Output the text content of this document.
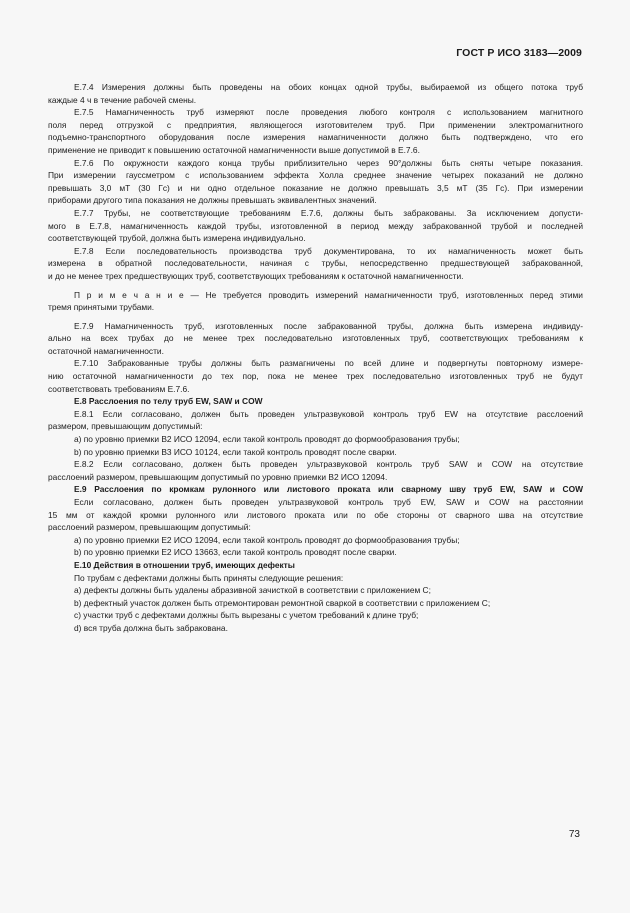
ГОСТ Р ИСО 3183—2009
Е.7.4 Измерения должны быть проведены на обоих концах одной трубы, выбираемой из общего потока труб
каждые 4 ч в течение рабочей смены.
Е.7.5 Намагниченность труб измеряют после проведения любого контроля с использованием магнитного
поля перед отгрузкой с предприятия, являющегося изготовителем труб. При применении электромагнитного
подъемно-транспортного оборудования после измерения намагниченности должно быть подтверждено, что его
применение не приводит к повышению остаточной намагниченности выше допустимой в Е.7.6.
Е.7.6 По окружности каждого конца трубы приблизительно через 90°должны быть сняты четыре показания.
При измерении гауссметром с использованием эффекта Холла среднее значение четырех показаний не должно
превышать 3,0 мТ (30 Гс) и ни одно отдельное показание не должно превышать 3,5 мТ (35 Гс). При измерении
приборами другого типа показания не должны превышать эквивалентных значений.
Е.7.7 Трубы, не соответствующие требованиям Е.7.6, должны быть забракованы. За исключением допусти-
мого в Е.7.8, намагниченность каждой трубы, изготовленной в период между забракованной трубой и последней
соответствующей трубой, должна быть измерена индивидуально.
Е.7.8 Если последовательность производства труб документирована, то их намагниченность может быть
измерена в обратной последовательности, начиная с трубы, непосредственно предшествующей забракованной,
и до не менее трех предшествующих труб, соответствующих требованиям к остаточной намагниченности.
П р и м е ч а н и е — Не требуется проводить измерений намагниченности труб, изготовленных перед этими
тремя принятыми трубами.
Е.7.9 Намагниченность труб, изготовленных после забракованной трубы, должна быть измерена индивиду-
ально на всех трубах до не менее трех последовательно изготовленных труб, соответствующих требованиям к
остаточной намагниченности.
Е.7.10 Забракованные трубы должны быть размагничены по всей длине и подвергнуты повторному измере-
нию остаточной намагниченности до тех пор, пока не менее трех последовательно изготовленных труб не будут
соответствовать требованиям Е.7.6.
Е.8 Расслоения по телу труб EW, SAW и COW
Е.8.1 Если согласовано, должен быть проведен ультразвуковой контроль труб EW на отсутствие расслоений
размером, превышающим допустимый:
a) по уровню приемки В2 ИСО 12094, если такой контроль проводят до формообразования трубы;
b) по уровню приемки В3 ИСО 10124, если такой контроль проводят после сварки.
Е.8.2 Если согласовано, должен быть проведен ультразвуковой контроль труб SAW и COW на отсутствие
расслоений размером, превышающим допустимый по уровню приемки В2 ИСО 12094.
Е.9 Расслоения по кромкам рулонного или листового проката или сварному шву труб EW, SAW и COW
Если согласовано, должен быть проведен ультразвуковой контроль труб EW, SAW и COW на расстоянии
15 мм от каждой кромки рулонного или листового проката или по обе стороны от сварного шва на отсутствие
расслоений размером, превышающим допустимый:
a) по уровню приемки Е2 ИСО 12094, если такой контроль проводят до формообразования трубы;
b) по уровню приемки Е2 ИСО 13663, если такой контроль проводят после сварки.
Е.10 Действия в отношении труб, имеющих дефекты
По трубам с дефектами должны быть приняты следующие решения:
a) дефекты должны быть удалены абразивной зачисткой в соответствии с приложением С;
b) дефектный участок должен быть отремонтирован ремонтной сваркой в соответствии с приложением С;
c) участки труб с дефектами должны быть вырезаны с учетом требований к длине труб;
d) вся труба должна быть забракована.
73
